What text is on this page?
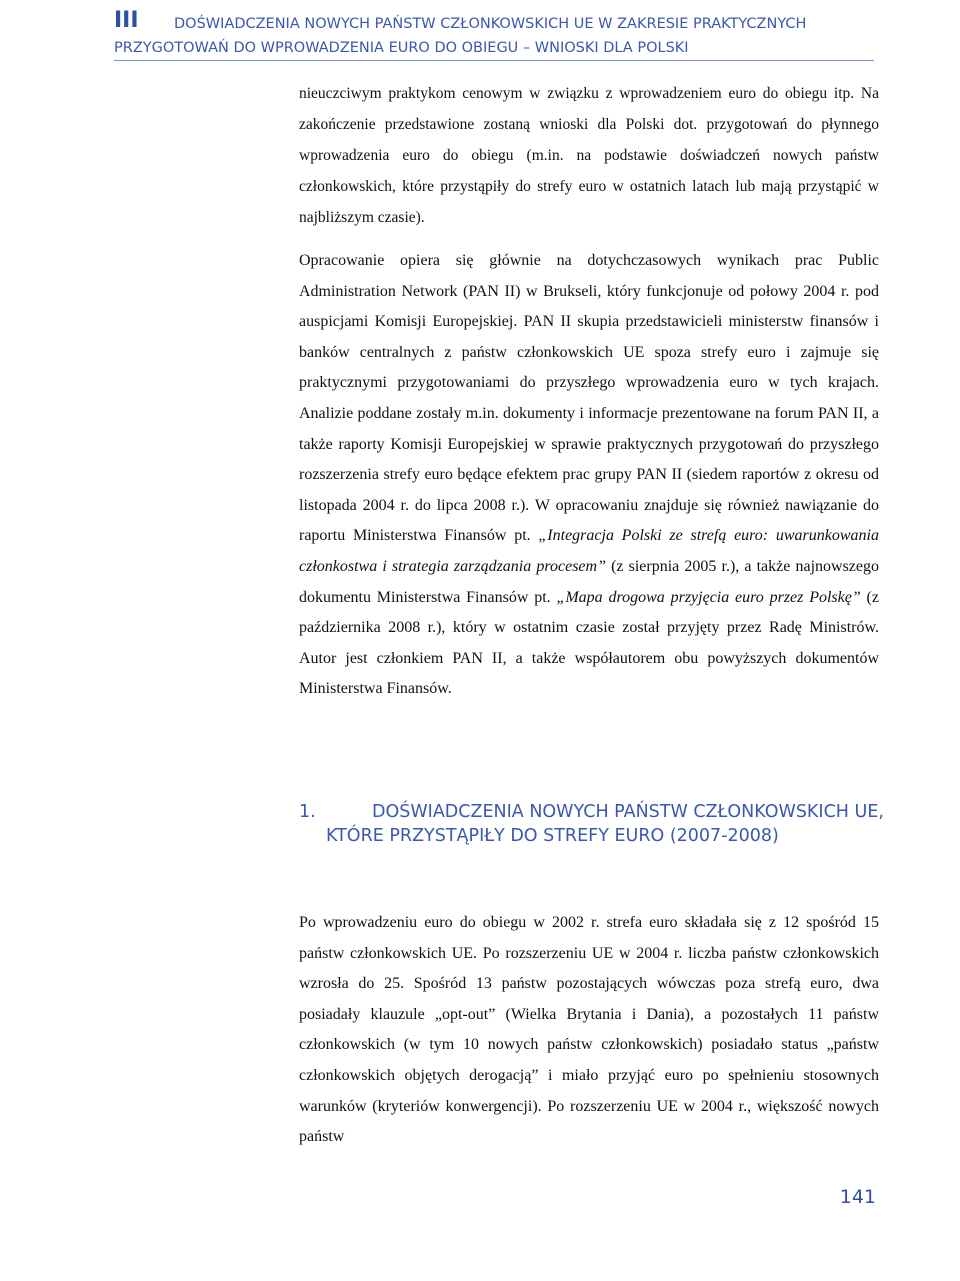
III DOŚWIADCZENIA NOWYCH PAŃSTW CZŁONKOWSKICH UE W ZAKRESIE PRAKTYCZNYCH
PRZYGOTOWAŃ DO WPROWADZENIA EURO DO OBIEGU – WNIOSKI DLA POLSKI
nieuczciwym praktykom cenowym w związku z wprowadzeniem euro do obiegu itp. Na zakończenie przedstawione zostaną wnioski dla Polski dot. przygotowań do płynnego wprowadzenia euro do obiegu (m.in. na podstawie doświadczeń nowych państw członkowskich, które przystąpiły do strefy euro w ostatnich latach lub mają przystąpić w najbliższym czasie).
Opracowanie opiera się głównie na dotychczasowych wynikach prac Public Administration Network (PAN II) w Brukseli, który funkcjonuje od połowy 2004 r. pod auspicjami Komisji Europejskiej. PAN II skupia przedstawicieli ministerstw finansów i banków centralnych z państw członkowskich UE spoza strefy euro i zajmuje się praktycznymi przygotowaniami do przyszłego wprowadzenia euro w tych krajach. Analizie poddane zostały m.in. dokumenty i informacje prezentowane na forum PAN II, a także raporty Komisji Europejskiej w sprawie praktycznych przygotowań do przyszłego rozszerzenia strefy euro będące efektem prac grupy PAN II (siedem raportów z okresu od listopada 2004 r. do lipca 2008 r.). W opracowaniu znajduje się również nawiązanie do raportu Ministerstwa Finansów pt. „Integracja Polski ze strefą euro: uwarunkowania członkostwa i strategia zarządzania procesem” (z sierpnia 2005 r.), a także najnowszego dokumentu Ministerstwa Finansów pt. „Mapa drogowa przyjęcia euro przez Polskę” (z października 2008 r.), który w ostatnim czasie został przyjęty przez Radę Ministrów. Autor jest członkiem PAN II, a także współautorem obu powyższych dokumentów Ministerstwa Finansów.
1.	DOŚWIADCZENIA NOWYCH PAŃSTW CZŁONKOWSKICH UE, KTÓRE PRZYSTĄPIŁY DO STREFY EURO (2007-2008)
Po wprowadzeniu euro do obiegu w 2002 r. strefa euro składała się z 12 spośród 15 państw członkowskich UE. Po rozszerzeniu UE w 2004 r. liczba państw członkowskich wzrosła do 25. Spośród 13 państw pozostających wówczas poza strefą euro, dwa posiadały klauzule „opt-out” (Wielka Brytania i Dania), a pozostałych 11 państw członkowskich (w tym 10 nowych państw członkowskich) posiadało status „państw członkowskich objętych derogacją” i miało przyjąć euro po spełnieniu stosownych warunków (kryteriów konwergencji). Po rozszerzeniu UE w 2004 r., większość nowych państw
141
